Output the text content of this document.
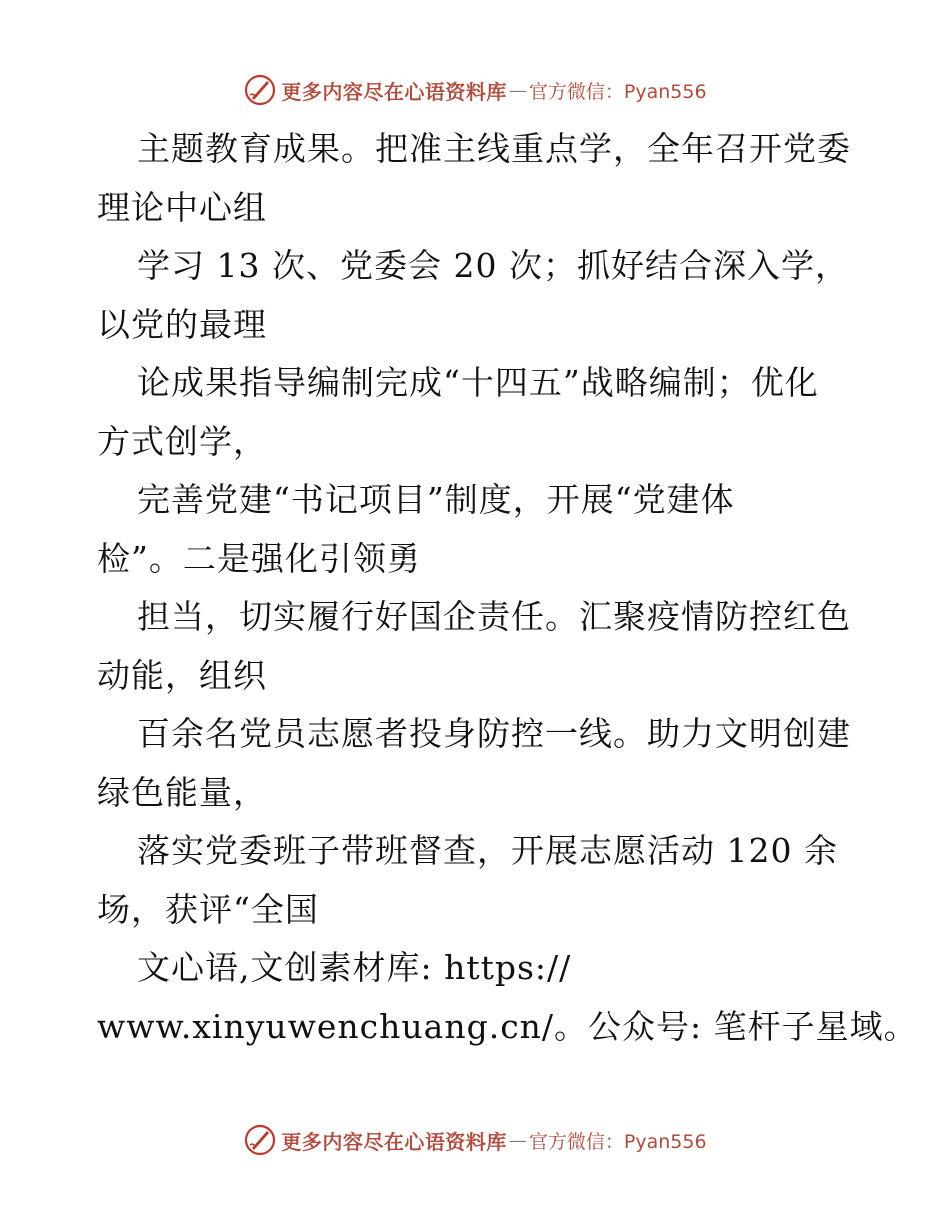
更多内容尽在心语资料库 — 官方微信：Pyan556
主题教育成果。把准主线重点学，全年召开党委
理论中心组
学习 13 次、党委会 20 次；抓好结合深入学，
以党的最理
论成果指导编制完成“十四五”战略编制；优化
方式创学，
完善党建“书记项目”制度，开展“党建体
检”。二是强化引领勇
担当，切实履行好国企责任。汇聚疫情防控红色
动能，组织
百余名党员志愿者投身防控一线。助力文明创建
绿色能量，
落实党委班子带班督查，开展志愿活动 120 余
场，获评“全国
文心语,文创素材库: https://
www.xinyuwenchuang.cn/。公众号: 笔杆子星域。
更多内容尽在心语资料库 — 官方微信：Pyan556
